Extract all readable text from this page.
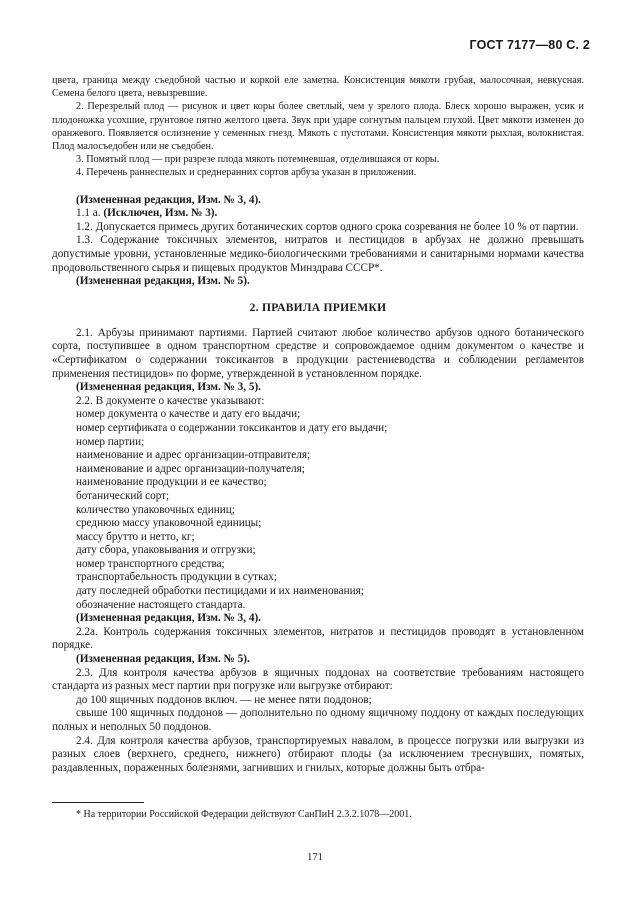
ГОСТ 7177—80 С. 2

цвета, граница между съедобной частью и коркой еле заметна. Консистенция мякоти грубая, малосочная, невкусная. Семена белого цвета, невызревшие.

2. Перезрелый плод — рисунок и цвет коры более светлый, чем у зрелого плода. Блеск хорошо выражен, усик и плодоножка усохшие, грунтовое пятно желтого цвета. Звук при ударе согнутым пальцем глухой. Цвет мякоти изменен до оранжевого. Появляется ослизнение у семенных гнезд. Мякоть с пустотами. Консистенция мякоти рыхлая, волокнистая. Плод малосъедобен или не съедобен.

3. Помятый плод — при разрезе плода мякоть потемневшая, отделившаяся от коры.

4. Перечень раннеспелых и среднеранних сортов арбуза указан в приложении.

(Измененная редакция, Изм. № 3, 4).

1.1 а. (Исключен, Изм. № 3).

1.2. Допускается примесь других ботанических сортов одного срока созревания не более 10 % от партии.

1.3. Содержание токсичных элементов, нитратов и пестицидов в арбузах не должно превышать допустимые уровни, установленные медико-биологическими требованиями и санитарными нормами качества продовольственного сырья и пищевых продуктов Минздрава СССР*.

(Измененная редакция, Изм. № 5).

2. ПРАВИЛА ПРИЕМКИ

2.1. Арбузы принимают партиями. Партией считают любое количество арбузов одного ботанического сорта, поступившее в одном транспортном средстве и сопровождаемое одним документом о качестве и «Сертификатом о содержании токсикантов в продукции растениеводства и соблюдении регламентов применения пестицидов» по форме, утвержденной в установленном порядке.

(Измененная редакция, Изм. № 3, 5).

2.2. В документе о качестве указывают:

номер документа о качестве и дату его выдачи;

номер сертификата о содержании токсикантов и дату его выдачи;

номер партии;

наименование и адрес организации-отправителя;

наименование и адрес организации-получателя;

наименование продукции и ее качество;

ботанический сорт;

количество упаковочных единиц;

среднюю массу упаковочной единицы;

массу брутто и нетто, кг;

дату сбора, упаковывания и отгрузки;

номер транспортного средства;

транспортабельность продукции в сутках;

дату последней обработки пестицидами и их наименования;

обозначение настоящего стандарта.

(Измененная редакция, Изм. № 3, 4).

2.2а. Контроль содержания токсичных элементов, нитратов и пестицидов проводят в установленном порядке.

(Измененная редакция, Изм. № 5).

2.3. Для контроля качества арбузов в ящичных поддонах на соответствие требованиям настоящего стандарта из разных мест партии при погрузке или выгрузке отбирают:

до 100 ящичных поддонов включ. — не менее пяти поддонов;

свыше 100 ящичных поддонов — дополнительно по одному ящичному поддону от каждых последующих полных и неполных 50 поддонов.

2.4. Для контроля качества арбузов, транспортируемых навалом, в процессе погрузки или выгрузки из разных слоев (верхнего, среднего, нижнего) отбирают плоды (за исключением треснувших, помятых, раздавленных, пораженных болезнями, загнивших и гнилых, которые должны быть отбра-

* На территории Российской Федерации действуют СанПиН 2.3.2.1078—2001.
171
